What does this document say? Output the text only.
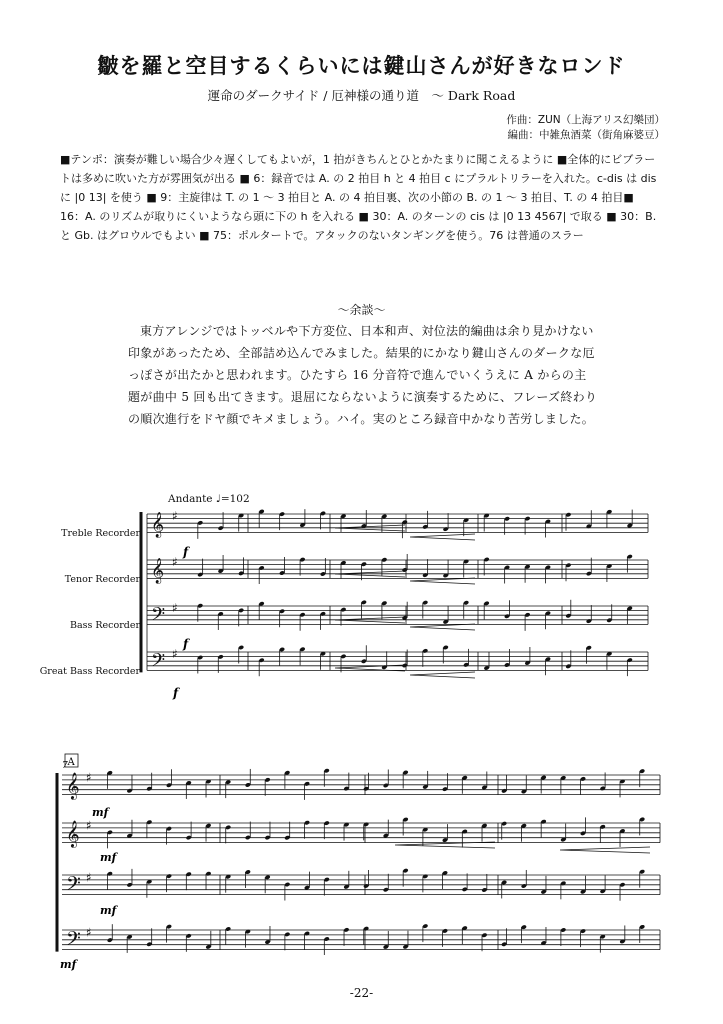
皺を羅と空目するくらいには鍵山さんが好きなロンド
運命のダークサイド / 厄神様の通り道　～ Dark Road
作曲：ZUN（上海アリス幻樂団）
編曲：中雑魚酒菜（街角麻婆豆）
■テンポ：演奏が難しい場合少々遅くしてもよいが，1 拍がきちんとひとかたまりに聞こえるように ■全体的にビブラートは多めに吹いた方が雰囲気が出る ■ 6：録音では A. の 2 拍目 h と 4 拍目 c にプラルトリラーを入れた。c-dis は dis に |0 13| を使う ■ 9：主旋律は T. の 1 ～ 3 拍目と A. の 4 拍目裏、次の小節の B. の 1 ～ 3 拍目、T. の 4 拍目■ 16：A. のリズムが取りにくいようなら頭に下の h を入れる ■ 30：A. のターンの cis は |0 13 4567| で取る ■ 30：B. と Gb. はグロウルでもよい ■ 75：ポルタートで。アタックのないタンギングを使う。76 は普通のスラー
～余談～
東方アレンジではトッベルや下方変位、日本和声、対位法的編曲は余り見かけない印象があったため、全部詰め込んでみました。結果的にかなり鍵山さんのダークな厄っぽさが出たかと思われます。ひたすら 16 分音符で進んでいくうえに A からの主題が曲中 5 回も出てきます。退屈にならないように演奏するために、フレーズ終わりの順次進行をドヤ顔でキメましょう。ハイ。実のところ録音中かなり苦労しました。
Andante ♩=102
Treble Recorder
Tenor Recorder
Bass Recorder
Great Bass Recorder
𝄞 ♯
𝄞 ♯
𝄢 ♯
𝄢 ♯
𝄞 ♯
𝄞 ♯
𝄢 ♯
𝄢 ♯
f
f
f
mf
mf
mf
mf
7 A
-22-
